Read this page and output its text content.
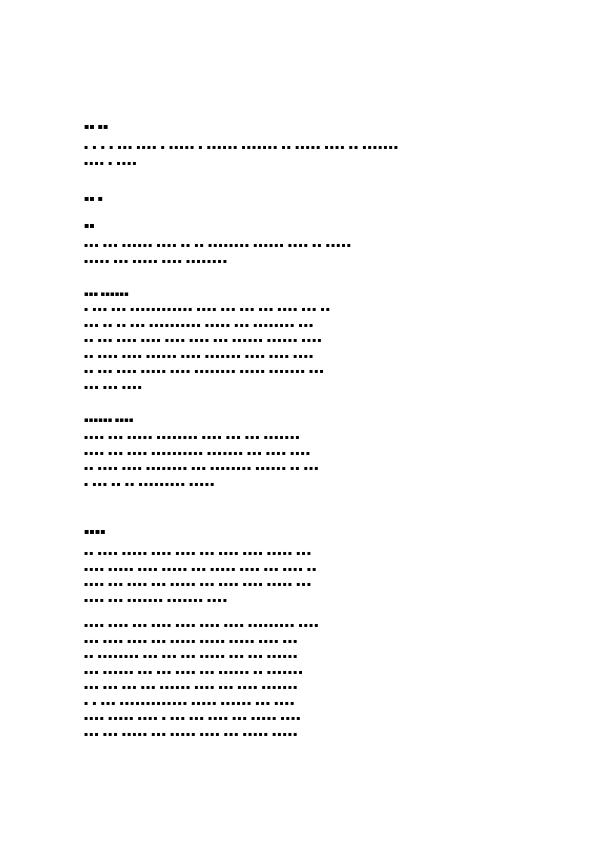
▪▪ ▪▪
▪ ▪ ▪ ▪ ▪▪▪ ▪▪▪▪ ▪ ▪▪▪▪▪ ▪ ▪▪▪▪▪▪ ▪▪▪▪▪▪▪ ▪▪ ▪▪▪▪▪ ▪▪▪▪ ▪▪ ▪▪▪▪▪▪▪
▪▪▪▪ ▪ ▪▪▪▪
▪▪ ▪
▪▪
▪▪▪ ▪▪▪ ▪▪▪▪▪▪ ▪▪▪▪ ▪▪ ▪▪ ▪▪▪▪▪▪▪▪ ▪▪▪▪▪▪ ▪▪▪▪ ▪▪ ▪▪▪▪▪
▪▪▪▪▪ ▪▪▪ ▪▪▪▪▪ ▪▪▪▪ ▪▪▪▪▪▪▪▪
▪▪▪ ▪▪▪▪▪▪
▪ ▪▪▪ ▪▪▪ ▪▪▪▪▪▪▪▪▪▪▪▪ ▪▪▪▪ ▪▪▪ ▪▪▪ ▪▪▪ ▪▪▪▪ ▪▪▪ ▪▪
▪▪▪ ▪▪ ▪▪ ▪▪▪ ▪▪▪▪▪▪▪▪▪▪ ▪▪▪▪▪ ▪▪▪ ▪▪▪▪▪▪▪▪ ▪▪▪
▪▪ ▪▪▪ ▪▪▪▪ ▪▪▪▪ ▪▪▪▪ ▪▪▪▪ ▪▪▪ ▪▪▪▪▪▪ ▪▪▪▪▪▪ ▪▪▪▪
▪▪ ▪▪▪▪ ▪▪▪▪ ▪▪▪▪▪▪ ▪▪▪▪ ▪▪▪▪▪▪▪ ▪▪▪▪ ▪▪▪▪ ▪▪▪▪
▪▪ ▪▪▪ ▪▪▪▪ ▪▪▪▪▪ ▪▪▪▪ ▪▪▪▪▪▪▪▪ ▪▪▪▪▪ ▪▪▪▪▪▪▪ ▪▪▪
▪▪▪ ▪▪▪ ▪▪▪▪
▪▪▪▪▪▪ ▪▪▪▪
▪▪▪▪ ▪▪▪ ▪▪▪▪▪ ▪▪▪▪▪▪▪▪ ▪▪▪▪ ▪▪▪ ▪▪▪ ▪▪▪▪▪▪▪
▪▪▪▪ ▪▪▪ ▪▪▪▪ ▪▪▪▪▪▪▪▪▪▪ ▪▪▪▪▪▪▪ ▪▪▪ ▪▪▪▪ ▪▪▪▪
▪▪ ▪▪▪▪ ▪▪▪▪ ▪▪▪▪▪▪▪▪ ▪▪▪ ▪▪▪▪▪▪▪▪ ▪▪▪▪▪▪ ▪▪ ▪▪▪
▪ ▪▪▪ ▪▪ ▪▪ ▪▪▪▪▪▪▪▪▪ ▪▪▪▪▪
▪▪▪▪
▪▪ ▪▪▪▪ ▪▪▪▪▪ ▪▪▪▪ ▪▪▪▪ ▪▪▪ ▪▪▪▪ ▪▪▪▪ ▪▪▪▪▪ ▪▪▪
▪▪▪▪ ▪▪▪▪▪ ▪▪▪▪ ▪▪▪▪▪ ▪▪▪ ▪▪▪▪▪ ▪▪▪▪ ▪▪▪ ▪▪▪▪ ▪▪
▪▪▪▪ ▪▪▪ ▪▪▪▪ ▪▪▪ ▪▪▪▪▪ ▪▪▪ ▪▪▪▪ ▪▪▪▪ ▪▪▪▪▪ ▪▪▪
▪▪▪▪ ▪▪▪ ▪▪▪▪▪▪▪ ▪▪▪▪▪▪▪ ▪▪▪▪
▪▪▪▪ ▪▪▪▪ ▪▪▪ ▪▪▪▪ ▪▪▪▪ ▪▪▪▪ ▪▪▪▪ ▪▪▪▪▪▪▪▪▪ ▪▪▪▪
▪▪▪ ▪▪▪▪ ▪▪▪▪ ▪▪▪ ▪▪▪▪▪ ▪▪▪▪▪ ▪▪▪▪▪ ▪▪▪▪ ▪▪▪
▪▪ ▪▪▪▪▪▪▪▪ ▪▪▪ ▪▪▪ ▪▪▪ ▪▪▪▪▪ ▪▪▪ ▪▪▪ ▪▪▪▪▪▪
▪▪▪ ▪▪▪▪▪▪ ▪▪▪ ▪▪▪ ▪▪▪▪ ▪▪▪ ▪▪▪▪▪▪ ▪▪ ▪▪▪▪▪▪▪
▪▪▪ ▪▪▪ ▪▪▪ ▪▪▪ ▪▪▪▪▪▪ ▪▪▪▪ ▪▪▪ ▪▪▪▪ ▪▪▪▪▪▪▪
▪ ▪ ▪▪▪ ▪▪▪▪▪▪▪▪▪▪▪▪▪ ▪▪▪▪▪ ▪▪▪▪▪▪ ▪▪▪ ▪▪▪▪
▪▪▪▪ ▪▪▪▪▪ ▪▪▪▪ ▪ ▪▪▪ ▪▪▪ ▪▪▪▪ ▪▪▪ ▪▪▪▪▪ ▪▪▪▪
▪▪▪ ▪▪▪ ▪▪▪▪▪ ▪▪▪ ▪▪▪▪▪ ▪▪▪▪ ▪▪▪ ▪▪▪▪▪ ▪▪▪▪▪
